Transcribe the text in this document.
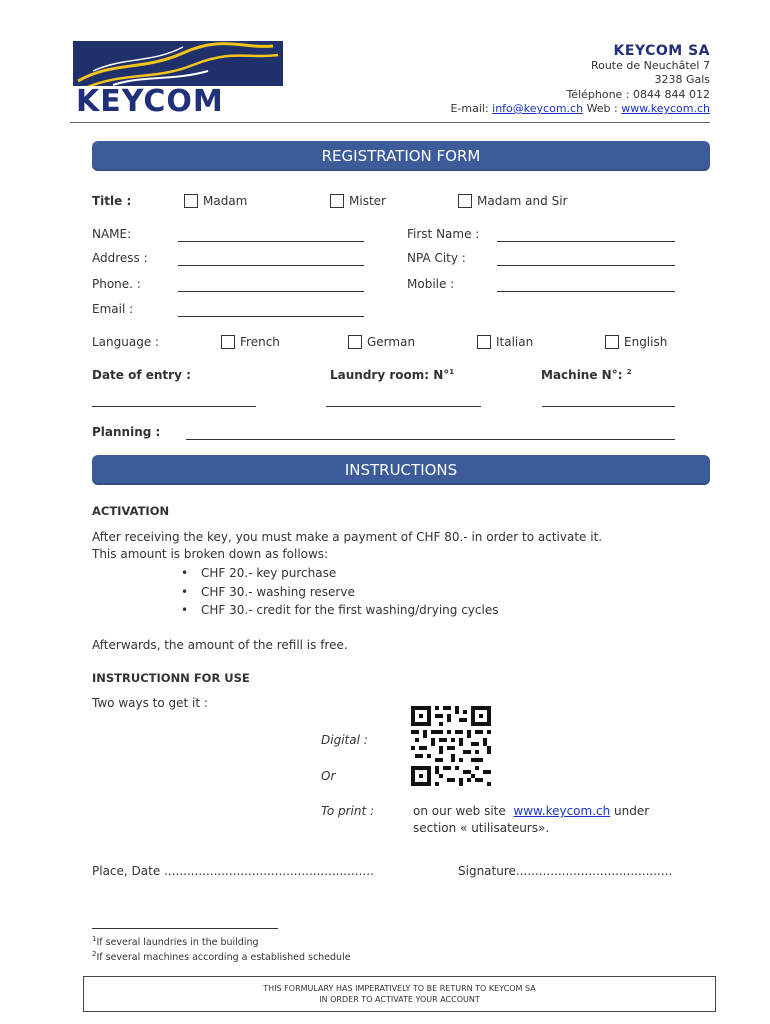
KEYCOM
KEYCOM SA
Route de Neuchâtel 7
3238 Gals
Téléphone : 0844 844 012
E-mail: info@keycom.ch Web : www.keycom.ch
REGISTRATION FORM
Title :	Madam	Mister	Madam and Sir
NAME:	First Name :
Address :	NPA City :
Phone. :	Mobile :
Email :
Language :	French	German	Italian	English
Date of entry :	Laundry room: N°$^1$	Machine N°: $^2$
Planning :
INSTRUCTIONS
ACTIVATION
After receiving the key, you must make a payment of CHF 80.- in order to activate it.
This amount is broken down as follows:
• CHF 20.- key purchase
• CHF 30.- washing reserve
• CHF 30.- credit for the first washing/drying cycles
Afterwards, the amount of the refill is free.
INSTRUCTIONN FOR USE
Two ways to get it :
Digital :
Or
To print :	on our web site www.keycom.ch under
section « utilisateurs».
Place, Date .......................................................	Signature.........................................
$^1$If several laundries in the building
$^2$If several machines according a established schedule
THIS FORMULARY HAS IMPERATIVELY TO BE RETURN TO KEYCOM SA
IN ORDER TO ACTIVATE YOUR ACCOUNT
